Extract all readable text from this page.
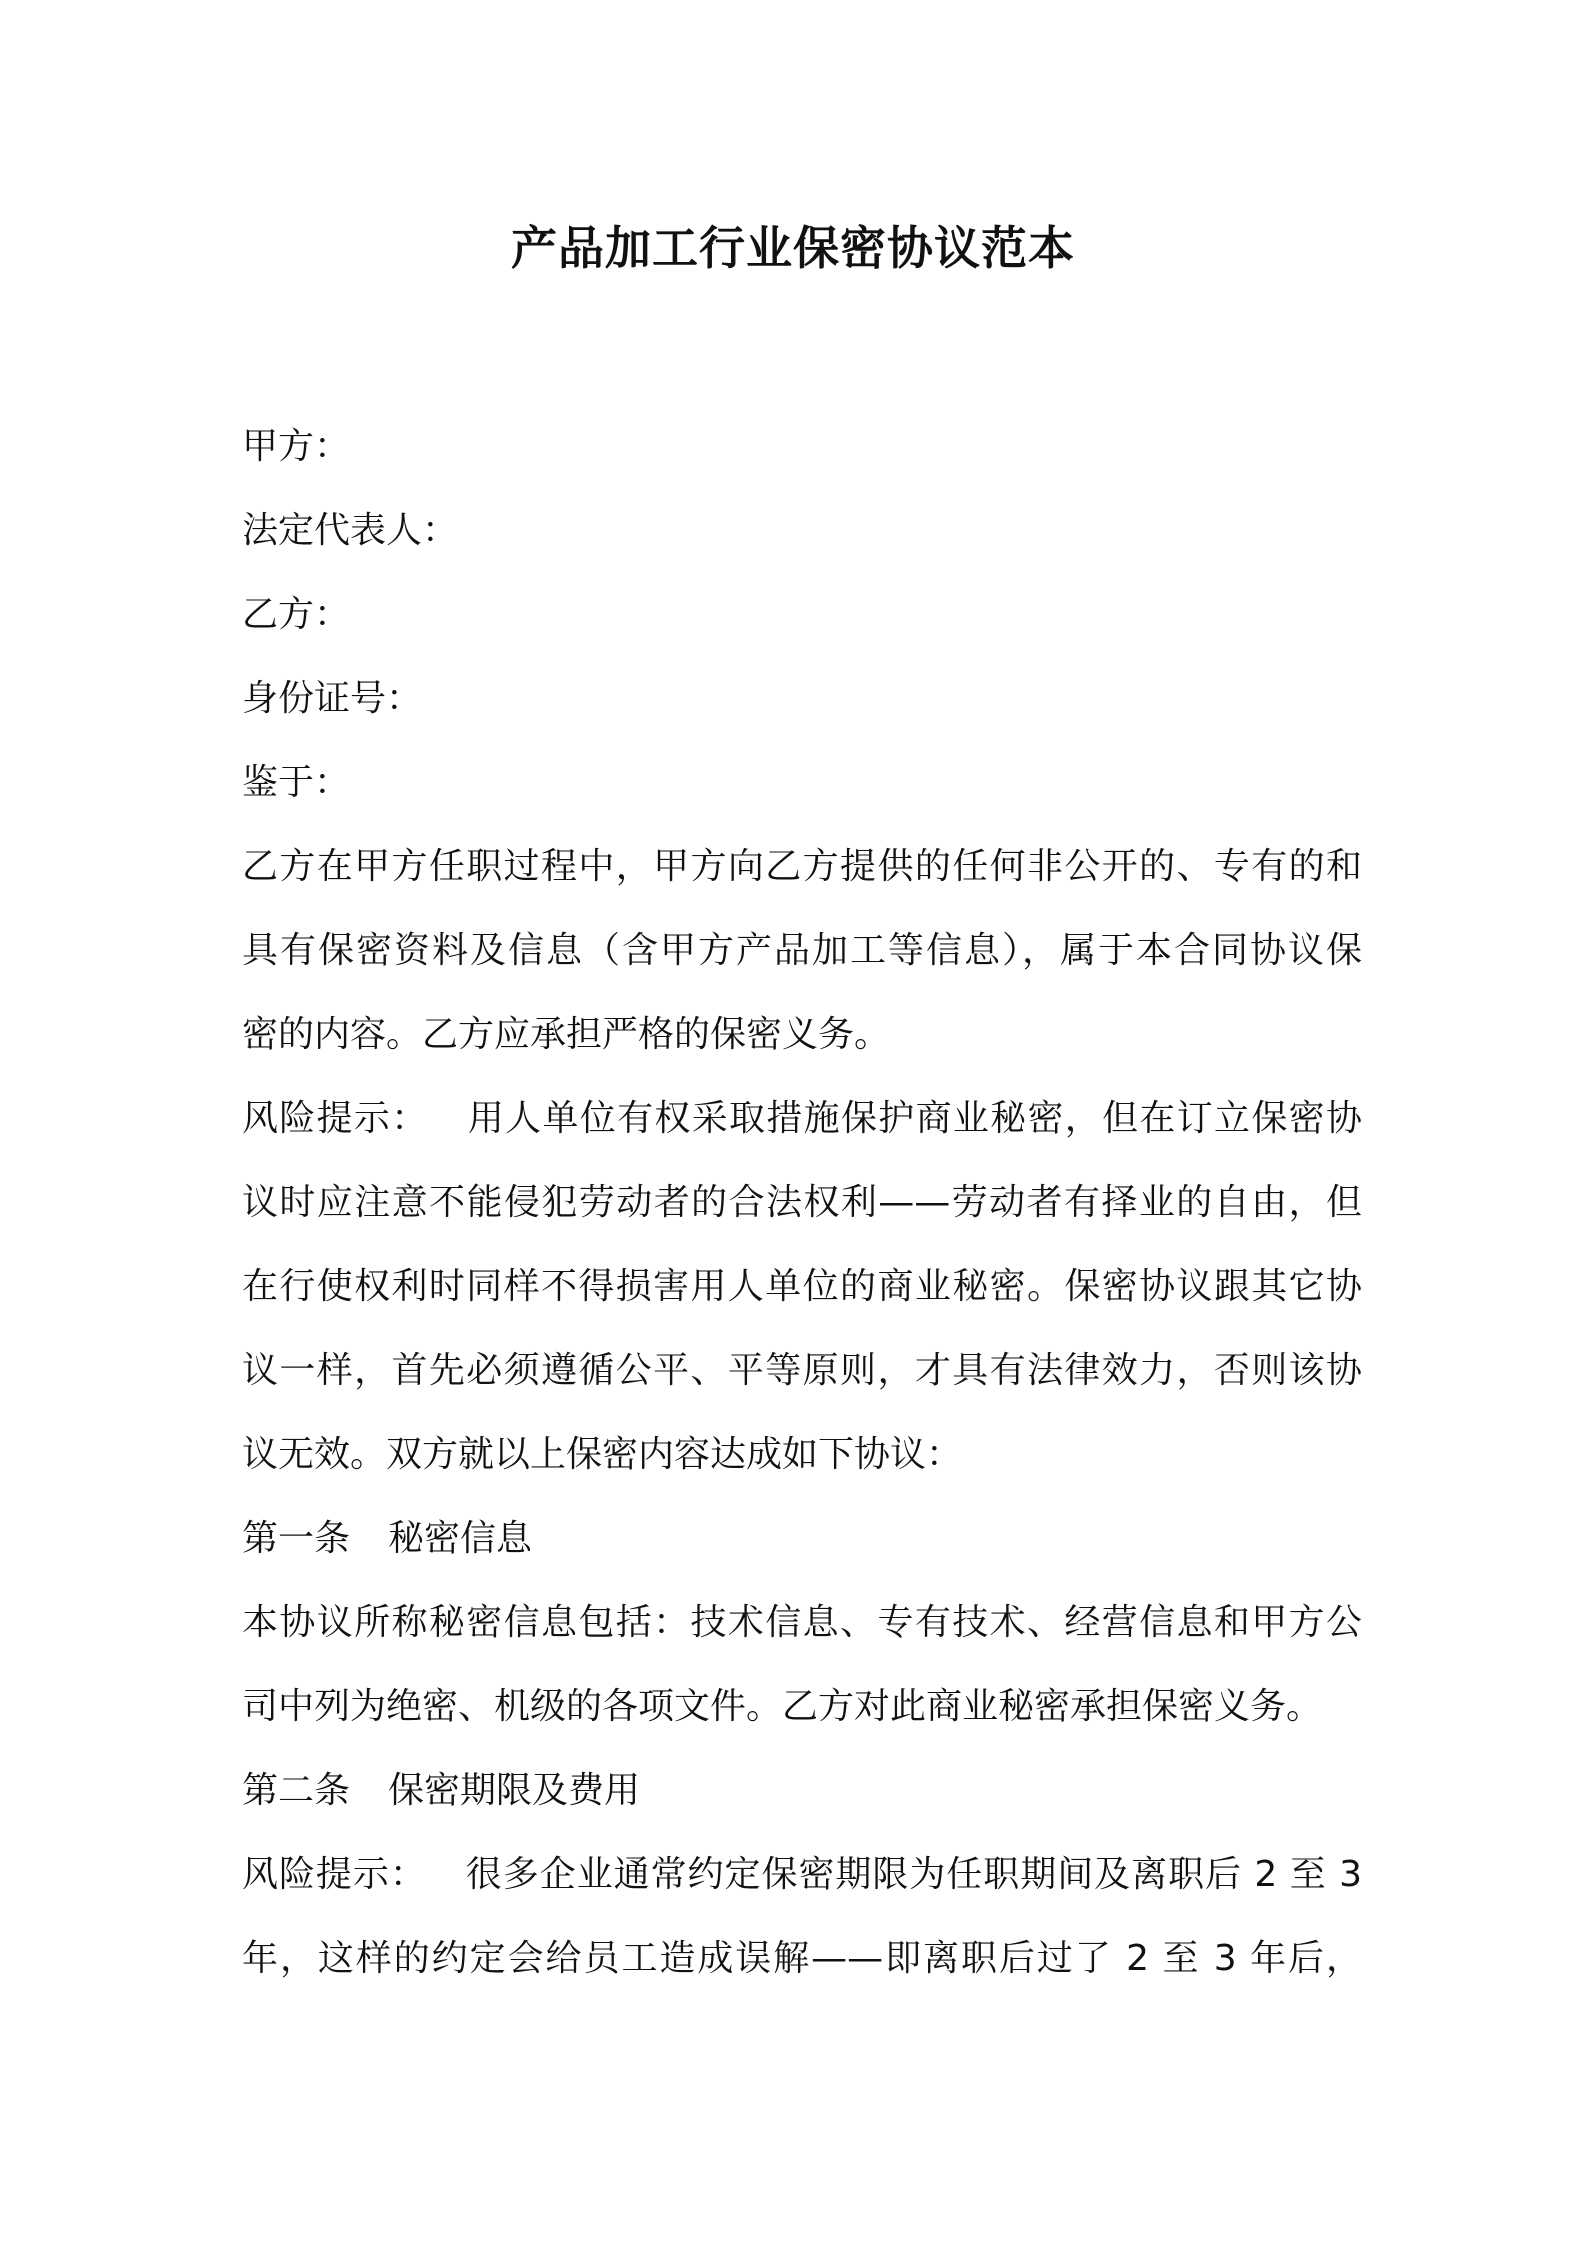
产品加工行业保密协议范本
甲方：
法定代表人：
乙方：
身份证号：
鉴于：
乙方在甲方任职过程中，甲方向乙方提供的任何非公开的、专有的和
具有保密资料及信息（含甲方产品加工等信息），属于本合同协议保
密的内容。乙方应承担严格的保密义务。
风险提示： 用人单位有权采取措施保护商业秘密，但在订立保密协
议时应注意不能侵犯劳动者的合法权利——劳动者有择业的自由，但
在行使权利时同样不得损害用人单位的商业秘密。保密协议跟其它协
议一样，首先必须遵循公平、平等原则，才具有法律效力，否则该协
议无效。双方就以上保密内容达成如下协议：
第一条 秘密信息
本协议所称秘密信息包括：技术信息、专有技术、经营信息和甲方公
司中列为绝密、机级的各项文件。乙方对此商业秘密承担保密义务。
第二条 保密期限及费用
风险提示： 很多企业通常约定保密期限为任职期间及离职后 2 至 3
年，这样的约定会给员工造成误解——即离职后过了 2 至 3 年后，
